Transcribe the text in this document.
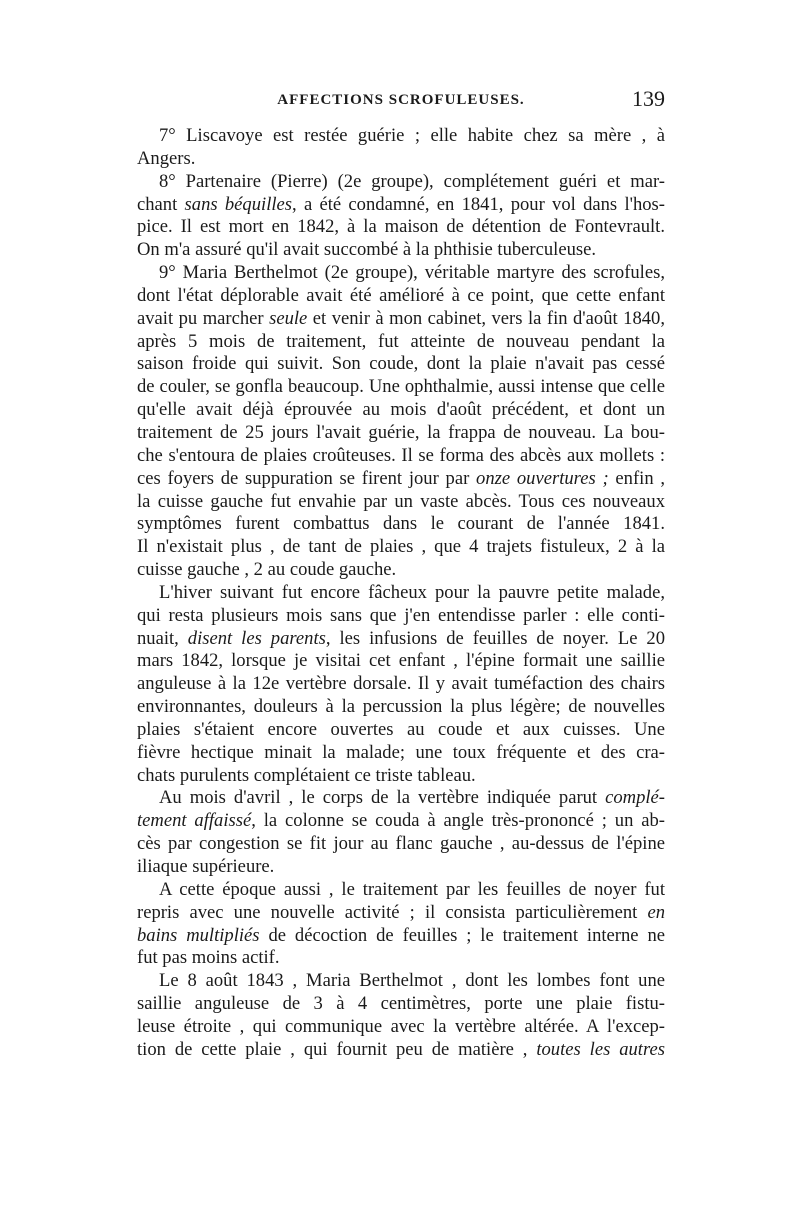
AFFECTIONS SCROFULEUSES.	139
7° Liscavoye est restée guérie ; elle habite chez sa mère , à
Angers.
8° Partenaire (Pierre) (2e groupe), complétement guéri et mar-
chant sans béquilles, a été condamné, en 1841, pour vol dans l'hos-
pice. Il est mort en 1842, à la maison de détention de Fontevrault.
On m'a assuré qu'il avait succombé à la phthisie tuberculeuse.
9° Maria Berthelmot (2e groupe), véritable martyre des scrofules,
dont l'état déplorable avait été amélioré à ce point, que cette enfant
avait pu marcher seule et venir à mon cabinet, vers la fin d'août 1840,
après 5 mois de traitement, fut atteinte de nouveau pendant la
saison froide qui suivit. Son coude, dont la plaie n'avait pas cessé
de couler, se gonfla beaucoup. Une ophthalmie, aussi intense que celle
qu'elle avait déjà éprouvée au mois d'août précédent, et dont un
traitement de 25 jours l'avait guérie, la frappa de nouveau. La bou-
che s'entoura de plaies croûteuses. Il se forma des abcès aux mollets :
ces foyers de suppuration se firent jour par onze ouvertures ; enfin ,
la cuisse gauche fut envahie par un vaste abcès. Tous ces nouveaux
symptômes furent combattus dans le courant de l'année 1841.
Il n'existait plus , de tant de plaies , que 4 trajets fistuleux, 2 à la
cuisse gauche , 2 au coude gauche.
L'hiver suivant fut encore fâcheux pour la pauvre petite malade,
qui resta plusieurs mois sans que j'en entendisse parler : elle conti-
nuait, disent les parents, les infusions de feuilles de noyer. Le 20
mars 1842, lorsque je visitai cet enfant , l'épine formait une saillie
anguleuse à la 12e vertèbre dorsale. Il y avait tuméfaction des chairs
environnantes, douleurs à la percussion la plus légère; de nouvelles
plaies s'étaient encore ouvertes au coude et aux cuisses. Une
fièvre hectique minait la malade; une toux fréquente et des cra-
chats purulents complétaient ce triste tableau.
Au mois d'avril , le corps de la vertèbre indiquée parut complé-
tement affaissé, la colonne se couda à angle très-prononcé ; un ab-
cès par congestion se fit jour au flanc gauche , au-dessus de l'épine
iliaque supérieure.
A cette époque aussi , le traitement par les feuilles de noyer fut
repris avec une nouvelle activité ; il consista particulièrement en
bains multipliés de décoction de feuilles ; le traitement interne ne
fut pas moins actif.
Le 8 août 1843 , Maria Berthelmot , dont les lombes font une
saillie anguleuse de 3 à 4 centimètres, porte une plaie fistu-
leuse étroite , qui communique avec la vertèbre altérée. A l'excep-
tion de cette plaie , qui fournit peu de matière , toutes les autres
